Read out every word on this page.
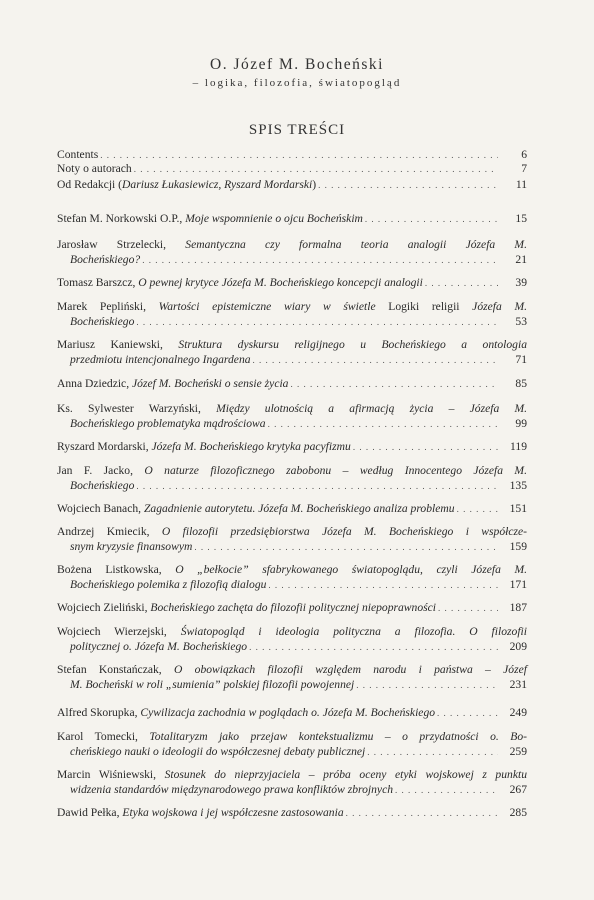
O. Józef M. Bocheński
– logika, filozofia, światopogląd
SPIS TREŚCI
Contents . . .	6
Noty o autorach . . .	7
Od Redakcji (Dariusz Łukasiewicz, Ryszard Mordarski) . . .	11
Stefan M. Norkowski O.P., Moje wspomnienie o ojcu Bocheńskim . . .	15
Jarosław Strzelecki, Semantyczna czy formalna teoria analogii Józefa M.
Bocheńskiego? . . .	21
Tomasz Barszcz, O pewnej krytyce Józefa M. Bocheńskiego koncepcji analogii . . .	39
Marek Pepliński, Wartości epistemiczne wiary w świetle Logiki religii Józefa M.
Bocheńskiego . . .	53
Mariusz Kaniewski, Struktura dyskursu religijnego u Bocheńskiego a ontologia
przedmiotu intencjonalnego Ingardena . . .	71
Anna Dziedzic, Józef M. Bocheński o sensie życia . . .	85
Ks. Sylwester Warzyński, Między ulotnością a afirmacją życia – Józefa M.
Bocheńskiego problematyka mądrościowa . . .	99
Ryszard Mordarski, Józefa M. Bocheńskiego krytyka pacyfizmu . . .	119
Jan F. Jacko, O naturze filozoficznego zabobonu – według Innocentego Józefa M.
Bocheńskiego . . .	135
Wojciech Banach, Zagadnienie autorytetu. Józefa M. Bocheńskiego analiza problemu . . .	151
Andrzej Kmiecik, O filozofii przedsiębiorstwa Józefa M. Bocheńskiego i współcze-
snym kryzysie finansowym . . .	159
Bożena Listkowska, O „bełkocie” sfabrykowanego światopoglądu, czyli Józefa M.
Bocheńskiego polemika z filozofią dialogu . . .	171
Wojciech Zieliński, Bocheńskiego zachęta do filozofii politycznej niepoprawności . . .	187
Wojciech Wierzejski, Światopogląd i ideologia polityczna a filozofia. O filozofii
politycznej o. Józefa M. Bocheńskiego . . .	209
Stefan Konstańczak, O obowiązkach filozofii względem narodu i państwa – Józef
M. Bocheński w roli „sumienia” polskiej filozofii powojennej . . .	231
Alfred Skorupka, Cywilizacja zachodnia w poglądach o. Józefa M. Bocheńskiego . . .	249
Karol Tomecki, Totalitaryzm jako przejaw kontekstualizmu – o przydatności o. Bo-
cheńskiego nauki o ideologii do współczesnej debaty publicznej . . .	259
Marcin Wiśniewski, Stosunek do nieprzyjaciela – próba oceny etyki wojskowej z punktu
widzenia standardów międzynarodowego prawa konfliktów zbrojnych . . .	267
Dawid Pełka, Etyka wojskowa i jej współczesne zastosowania . . .	285
